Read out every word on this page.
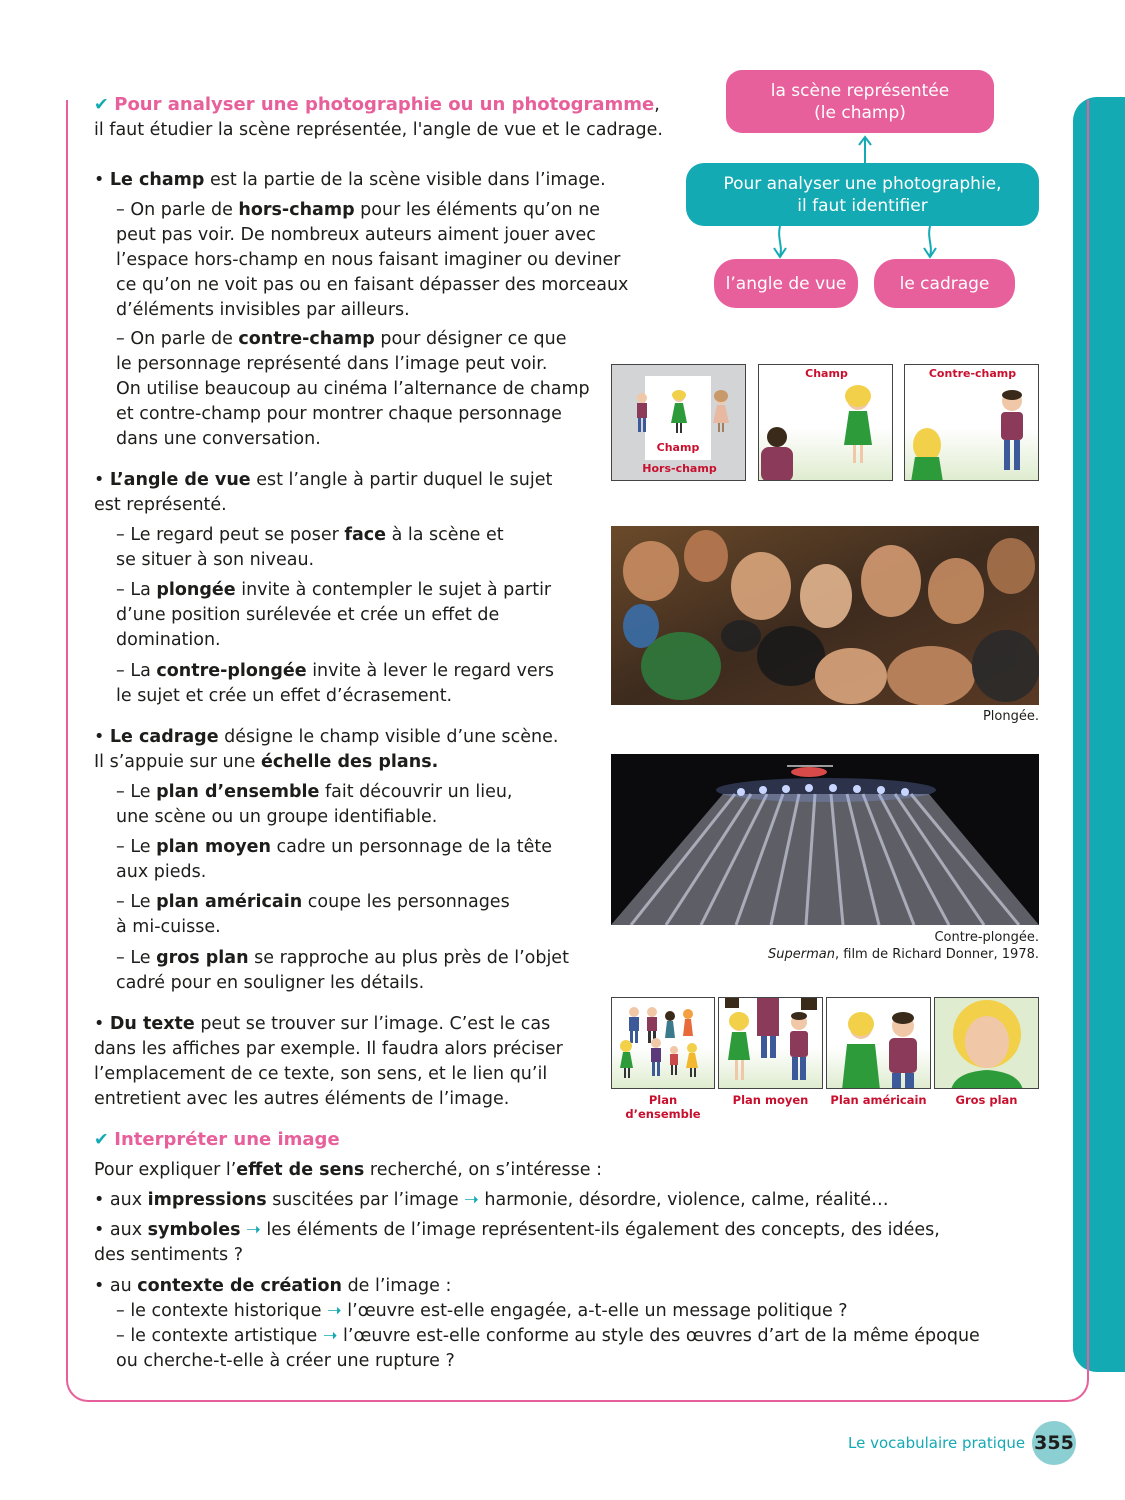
✔ Pour analyser une photographie ou un photogramme,
il faut étudier la scène représentée, l'angle de vue et le cadrage.
• Le champ est la partie de la scène visible dans l’image.
– On parle de hors-champ pour les éléments qu’on ne
peut pas voir. De nombreux auteurs aiment jouer avec
l’espace hors-champ en nous faisant imaginer ou deviner
ce qu’on ne voit pas ou en faisant dépasser des morceaux
d’éléments invisibles par ailleurs.
– On parle de contre-champ pour désigner ce que
le personnage représenté dans l’image peut voir.
On utilise beaucoup au cinéma l’alternance de champ
et contre-champ pour montrer chaque personnage
dans une conversation.
• L’angle de vue est l’angle à partir duquel le sujet
est représenté.
– Le regard peut se poser face à la scène et
se situer à son niveau.
– La plongée invite à contempler le sujet à partir
d’une position surélevée et crée un effet de
domination.
– La contre-plongée invite à lever le regard vers
le sujet et crée un effet d’écrasement.
• Le cadrage désigne le champ visible d’une scène.
Il s’appuie sur une échelle des plans.
– Le plan d’ensemble fait découvrir un lieu,
une scène ou un groupe identifiable.
– Le plan moyen cadre un personnage de la tête
aux pieds.
– Le plan américain coupe les personnages
à mi-cuisse.
– Le gros plan se rapproche au plus près de l’objet
cadré pour en souligner les détails.
• Du texte peut se trouver sur l’image. C’est le cas
dans les affiches par exemple. Il faudra alors préciser
l’emplacement de ce texte, son sens, et le lien qu’il
entretient avec les autres éléments de l’image.
✔ Interpréter une image
Pour expliquer l’effet de sens recherché, on s’intéresse :
• aux impressions suscitées par l’image ➝ harmonie, désordre, violence, calme, réalité…
• aux symboles ➝ les éléments de l’image représentent-ils également des concepts, des idées,
des sentiments ?
• au contexte de création de l’image :
– le contexte historique ➝ l’œuvre est-elle engagée, a-t-elle un message politique ?
– le contexte artistique ➝ l’œuvre est-elle conforme au style des œuvres d’art de la même époque
ou cherche-t-elle à créer une rupture ?
la scène représentée
(le champ)
Pour analyser une photographie,
il faut identifier
l’angle de vue	le cadrage
Champ
Hors-champ
Champ	Contre-champ
Plongée.
Contre-plongée.
Superman, film de Richard Donner, 1978.
Plan d’ensemble
Plan moyen	Plan américain	Gros plan
Le vocabulaire pratique 355
